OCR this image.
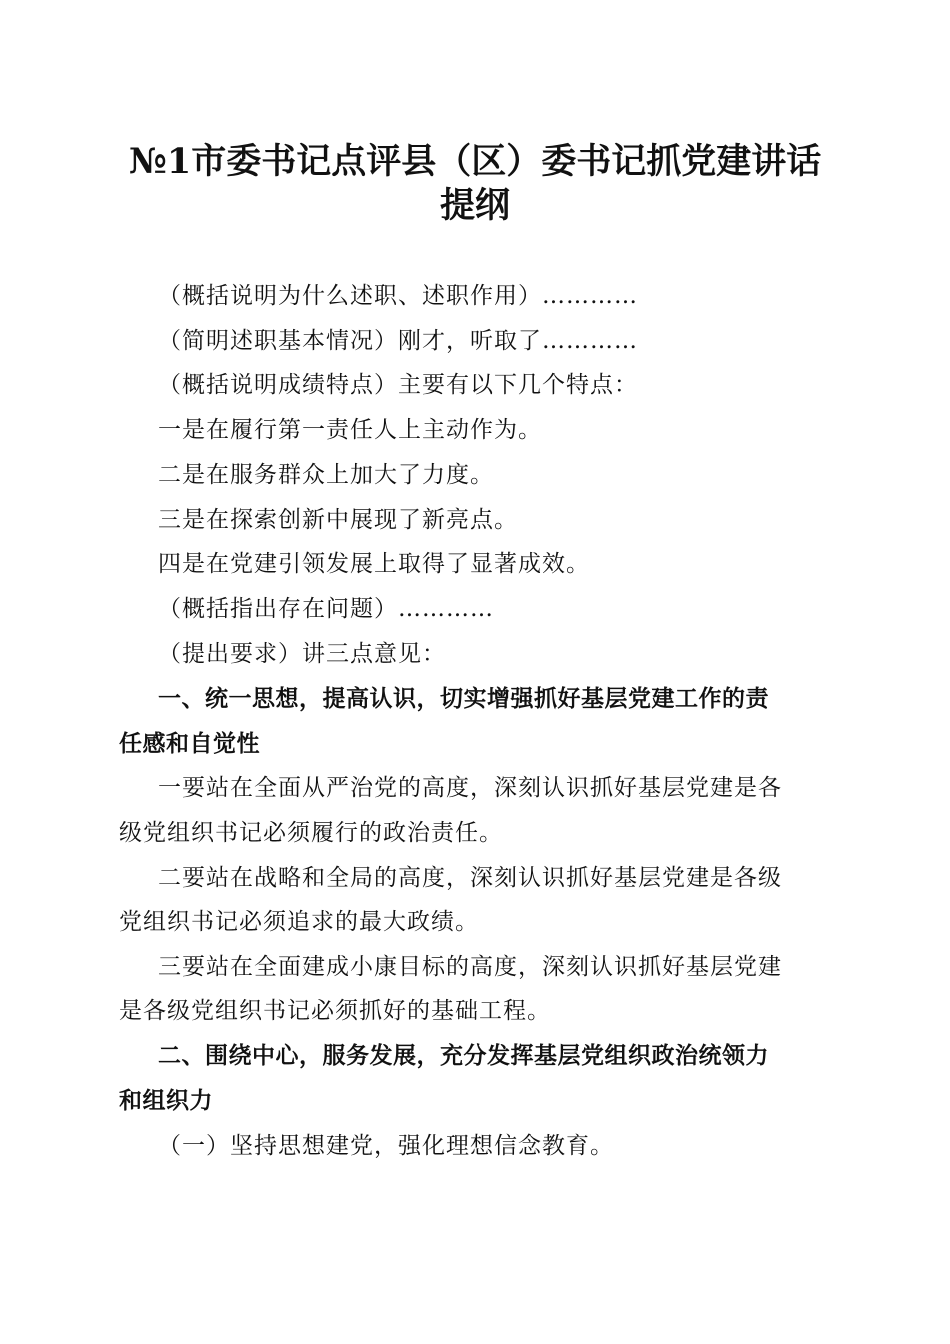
№1市委书记点评县（区）委书记抓党建讲话
提纲
（概括说明为什么述职、述职作用）…………
（简明述职基本情况）刚才，听取了…………
（概括说明成绩特点）主要有以下几个特点：
一是在履行第一责任人上主动作为。
二是在服务群众上加大了力度。
三是在探索创新中展现了新亮点。
四是在党建引领发展上取得了显著成效。
（概括指出存在问题）…………
（提出要求）讲三点意见：
一、统一思想，提高认识，切实增强抓好基层党建工作的责
任感和自觉性
一要站在全面从严治党的高度，深刻认识抓好基层党建是各
级党组织书记必须履行的政治责任。
二要站在战略和全局的高度，深刻认识抓好基层党建是各级
党组织书记必须追求的最大政绩。
三要站在全面建成小康目标的高度，深刻认识抓好基层党建
是各级党组织书记必须抓好的基础工程。
二、围绕中心，服务发展，充分发挥基层党组织政治统领力
和组织力
（一）坚持思想建党，强化理想信念教育。
